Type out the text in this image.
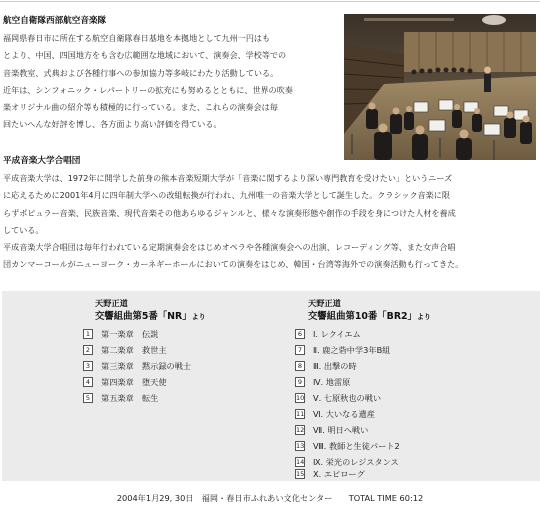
航空自衛隊西部航空音楽隊
福岡県春日市に所在する航空自衛隊春日基地を本拠地として九州一円はも
とより、中国、四国地方をも含む広範囲な地域において、演奏会、学校等での
音楽教室、式典および各種行事への参加協力等多岐にわたり活動している。
近年は、シンフォニック・レパートリーの拡充にも努めるとともに、世界の吹奏
楽オリジナル曲の紹介等も積極的に行っている。また、これらの演奏会は毎
回たいへんな好評を博し、各方面より高い評価を得ている。
平成音楽大学合唱団
平成音楽大学は、1972年に開学した前身の熊本音楽短期大学が「音楽に関するより深い専門教育を受けたい」というニーズ
に応えるために2001年4月に四年制大学への改組転換が行われ、九州唯一の音楽大学として誕生した。クラシック音楽に限
らずポピュラー音楽、民族音楽、現代音楽その他あらゆるジャンルと、様々な演奏形態や創作の手段を身につけた人材を養成
している。
平成音楽大学合唱団は毎年行われている定期演奏会をはじめオペラや各種演奏会への出演、レコーディング等、また女声合唱
団カンマーコールがニューヨーク・カーネギーホールにおいての演奏をはじめ、韓国・台湾等海外での演奏活動も行ってきた。
天野正道
交響組曲第5番「NR」より
1	第一楽章　伝説
2	第二楽章　救世主
3	第三楽章　黙示録の戦士
4	第四楽章　堕天使
5	第五楽章　転生
天野正道
交響組曲第10番「BR2」より
6	Ⅰ. レクイエム
7	Ⅱ. 鹿之砦中学3年B組
8	Ⅲ. 出撃の時
9	Ⅳ. 地雷原
10 Ⅴ. 七原秋也の戦い
11 Ⅵ. 大いなる遺産
12 Ⅶ. 明日へ戦い
13 Ⅷ. 教師と生徒パート2
14 Ⅸ. 栄光のレジスタンス
15 Ⅹ. エピローグ
2004年1月29, 30日　福岡・春日市ふれあい文化センター　　TOTAL TIME 60:12
